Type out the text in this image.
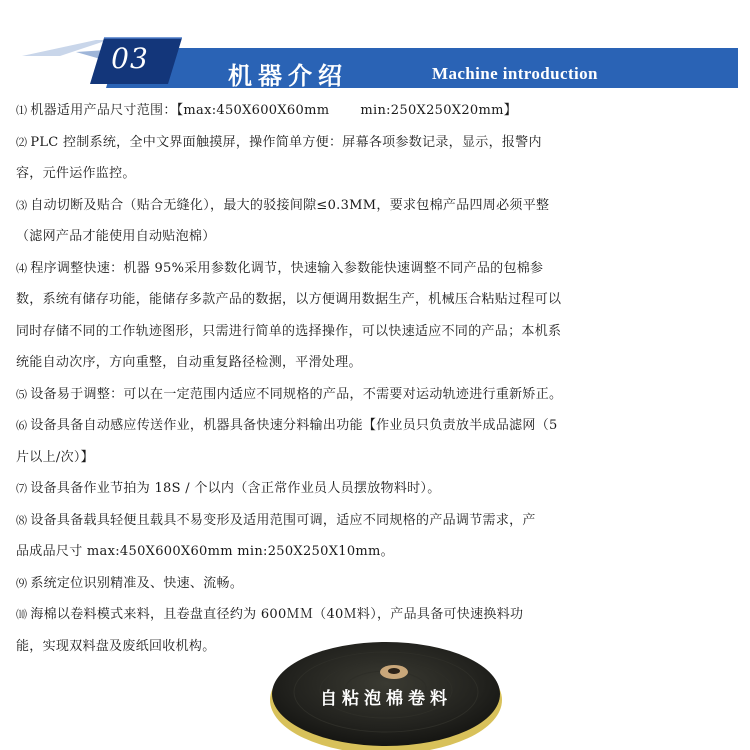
03
机器介绍	Machine introduction
⑴ 机器适用产品尺寸范围：【max:450X600X60mm       min:250X250X20mm】
⑵ PLC 控制系统，全中文界面触摸屏，操作简单方便：屏幕各项参数记录，显示，报警内
容，元件运作监控。
⑶ 自动切断及贴合（贴合无缝化），最大的驳接间隙≤0.3MM，要求包棉产品四周必须平整
（滤网产品才能使用自动贴泡棉）
⑷ 程序调整快速：机器 95%采用参数化调节，快速输入参数能快速调整不同产品的包棉参
数，系统有储存功能，能储存多款产品的数据，以方便调用数据生产，机械压合粘贴过程可以
同时存储不同的工作轨迹图形，只需进行简单的选择操作，可以快速适应不同的产品；本机系
统能自动次序，方向重整，自动重复路径检测，平滑处理。
⑸ 设备易于调整：可以在一定范围内适应不同规格的产品，不需要对运动轨迹进行重新矫正。
⑹ 设备具备自动感应传送作业，机器具备快速分料输出功能【作业员只负责放半成品滤网（5
片以上/次）】
⑺ 设备具备作业节拍为 18S / 个以内（含正常作业员人员摆放物料时）。
⑻ 设备具备载具轻便且载具不易变形及适用范围可调，适应不同规格的产品调节需求，产
品成品尺寸 max:450X600X60mm min:250X250X10mm。
⑼ 系统定位识别精准及、快速、流畅。
⑽ 海棉以卷料模式来料，且卷盘直径约为 600ＭＭ（40Ｍ料），产品具备可快速换料功
能，实现双料盘及废纸回收机构。
自粘泡棉卷料
